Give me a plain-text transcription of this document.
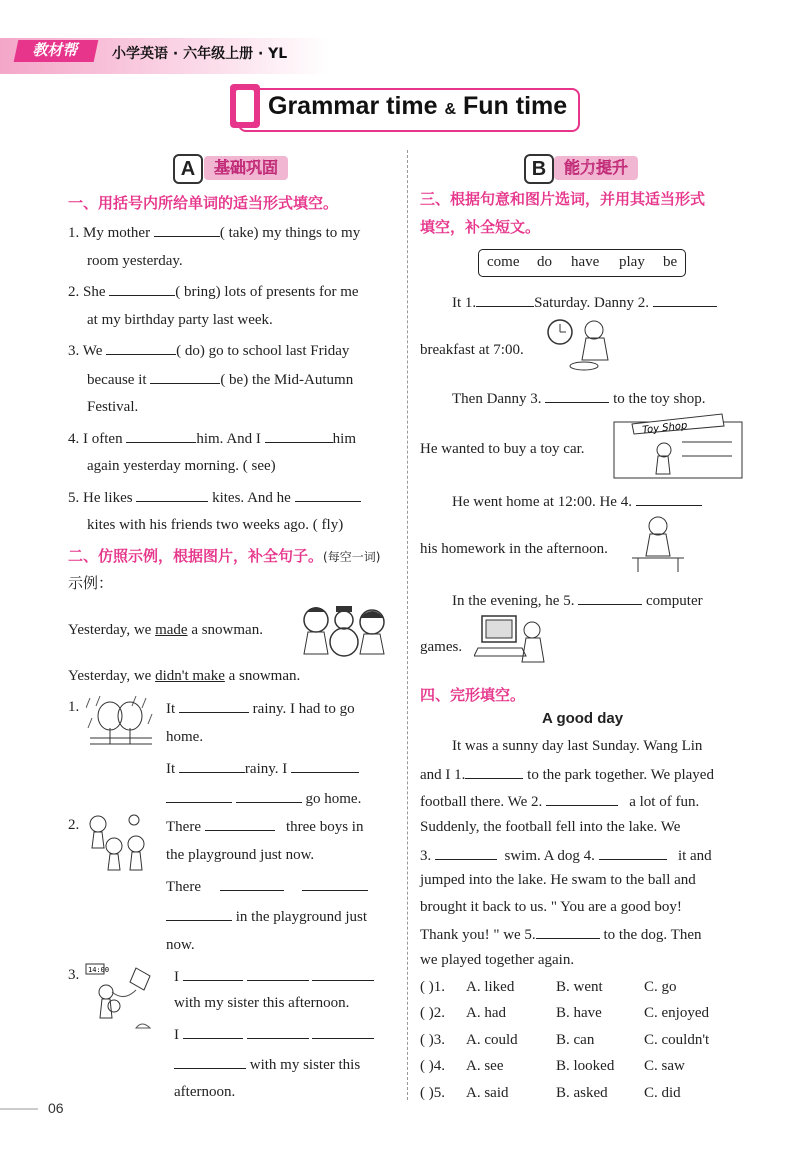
教材帮	小学英语 · 六年级上册 · YL
Grammar time & Fun time
A	基础巩固	B	能力提升
一、用括号内所给单词的适当形式填空。
1. My mother	( take) my things to my
room yesterday.
2. She	( bring) lots of presents for me
at my birthday party last week.
3. We	( do) go to school last Friday
because it	( be) the Mid-Autumn
Festival.
4. I often	him. And I	him
again yesterday morning. ( see)
5. He likes	kites. And he
kites with his friends two weeks ago. ( fly)
二、仿照示例，根据图片，补全句子。(每空一词)
示例：
Yesterday, we made a snowman.
Yesterday, we didn't make a snowman.
1.	It	rainy. I had to go
home.
It	rainy. I
go home.
2.	There	three boys in
the playground just now.
There
in the playground just
now.
3. 14:00	I
with my sister this afternoon.
I
with my sister this
afternoon.
三、根据句意和图片选词，并用其适当形式
填空，补全短文。
come do have play be
It 1.	Saturday. Danny 2.
breakfast at 7:00.
Then Danny 3.	to the toy shop.
He wanted to buy a toy car.
Toy Shop
He went home at 12:00. He 4.
his homework in the afternoon.
In the evening, he 5.	computer
games.
四、完形填空。
A good day
It was a sunny day last Sunday. Wang Lin
and I 1.	to the park together. We played
football there. We 2.	a lot of fun.
Suddenly, the football fell into the lake. We
3.	swim. A dog 4.	it and
jumped into the lake. He swam to the ball and
brought it back to us. " You are a good boy!
Thank you! " we 5.	to the dog. Then
we played together again.
( )1. A. liked	B. went	C. go
( )2. A. had	B. have	C. enjoyed
( )3. A. could	B. can	C. couldn't
( )4. A. see	B. looked C. saw
( )5. A. said	B. asked C. did
06
